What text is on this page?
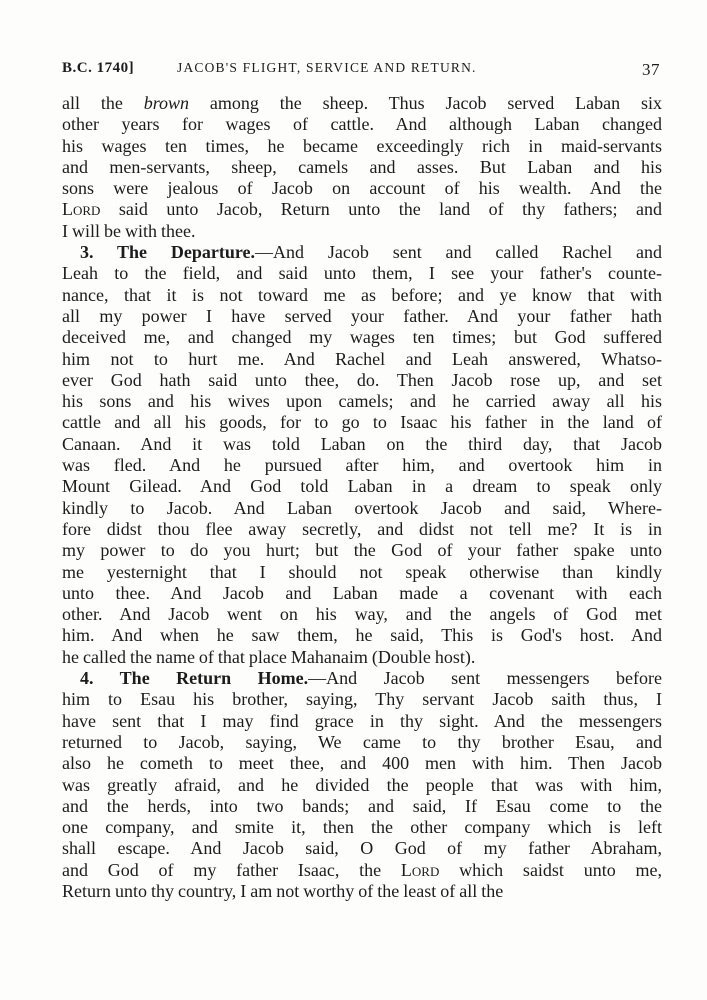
B.C. 1740]	JACOB'S FLIGHT, SERVICE AND RETURN.	37
all the brown among the sheep. Thus Jacob served Laban six
other years for wages of cattle. And although Laban changed
his wages ten times, he became exceedingly rich in maid-servants
and men-servants, sheep, camels and asses. But Laban and his
sons were jealous of Jacob on account of his wealth. And the
Lord said unto Jacob, Return unto the land of thy fathers; and
I will be with thee.
3. The Departure.—And Jacob sent and called Rachel and
Leah to the field, and said unto them, I see your father's counte-
nance, that it is not toward me as before; and ye know that with
all my power I have served your father. And your father hath
deceived me, and changed my wages ten times; but God suffered
him not to hurt me. And Rachel and Leah answered, Whatso-
ever God hath said unto thee, do. Then Jacob rose up, and set
his sons and his wives upon camels; and he carried away all his
cattle and all his goods, for to go to Isaac his father in the land of
Canaan. And it was told Laban on the third day, that Jacob
was fled. And he pursued after him, and overtook him in
Mount Gilead. And God told Laban in a dream to speak only
kindly to Jacob. And Laban overtook Jacob and said, Where-
fore didst thou flee away secretly, and didst not tell me? It is in
my power to do you hurt; but the God of your father spake unto
me yesternight that I should not speak otherwise than kindly
unto thee. And Jacob and Laban made a covenant with each
other. And Jacob went on his way, and the angels of God met
him. And when he saw them, he said, This is God's host. And
he called the name of that place Mahanaim (Double host).
4. The Return Home.—And Jacob sent messengers before
him to Esau his brother, saying, Thy servant Jacob saith thus, I
have sent that I may find grace in thy sight. And the messengers
returned to Jacob, saying, We came to thy brother Esau, and
also he cometh to meet thee, and 400 men with him. Then Jacob
was greatly afraid, and he divided the people that was with him,
and the herds, into two bands; and said, If Esau come to the
one company, and smite it, then the other company which is left
shall escape. And Jacob said, O God of my father Abraham,
and God of my father Isaac, the Lord which saidst unto me,
Return unto thy country, I am not worthy of the least of all the
